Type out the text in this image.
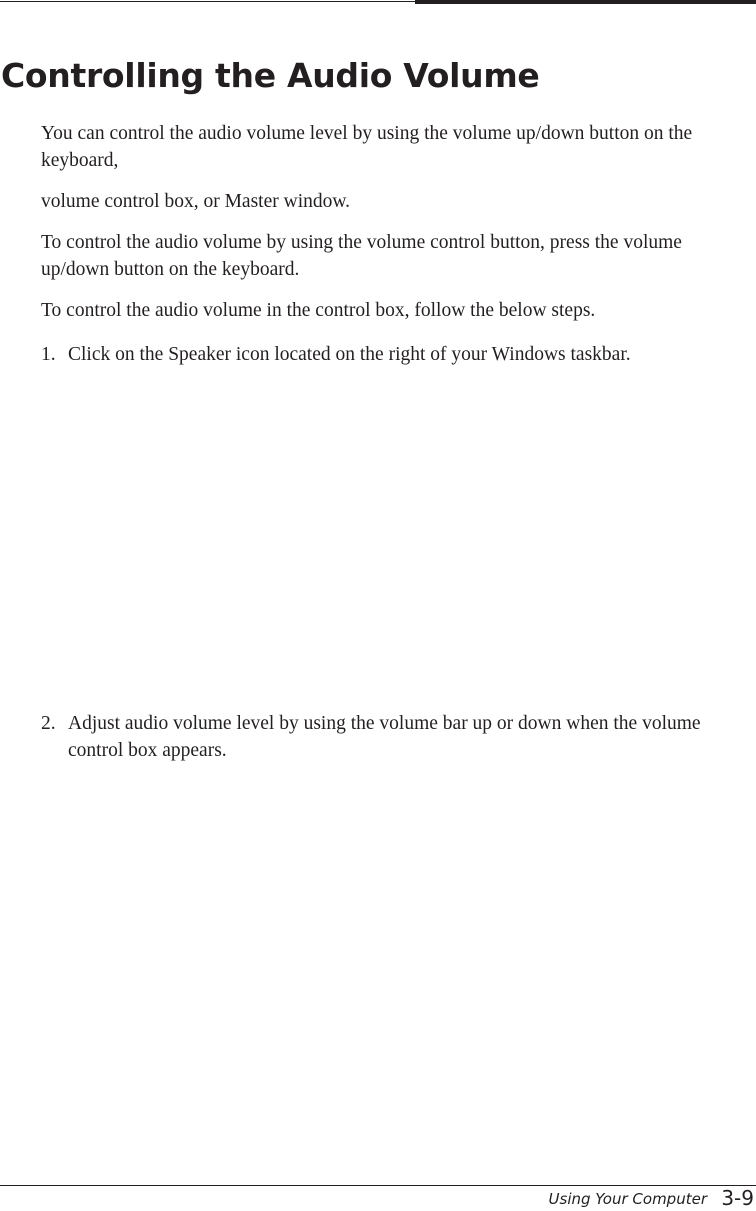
Controlling the Audio Volume

You can control the audio volume level by using the volume up/down button on the keyboard,

volume control box, or Master window.

To control the audio volume by using the volume control button, press the volume up/down button on the keyboard.

To control the audio volume in the control box, follow the below steps.

1. Click on the Speaker icon located on the right of your Windows taskbar.
2. Adjust audio volume level by using the volume bar up or down when the volume control box appears.
Using Your Computer 3-9
